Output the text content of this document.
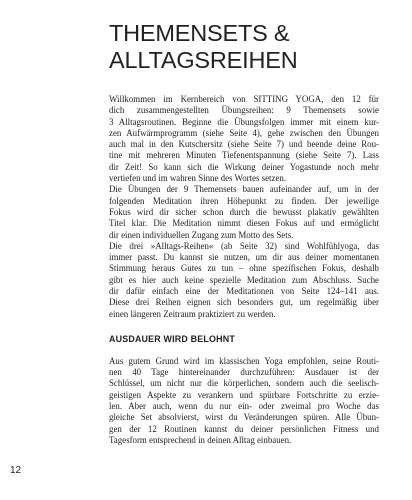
THEMENSETS &
ALLTAGSREIHEN

Willkommen im Kernbereich von SITTING YOGA, den 12 für
dich zusammengestellten Übungsreihen: 9 Themensets sowie
3 Alltagsroutinen. Beginne die Übungsfolgen immer mit einem kur-
zen Aufwärmprogramm (siehe Seite 4), gehe zwischen den Übungen
auch mal in den Kutschersitz (siehe Seite 7) und beende deine Rou-
tine mit mehreren Minuten Tiefenentspannung (siehe Seite 7). Lass
dir Zeit! So kann sich die Wirkung deiner Yogastunde noch mehr
vertiefen und im wahren Sinne des Wortes setzen.

Die Übungen der 9 Themensets bauen aufeinander auf, um in der
folgenden Meditation ihren Höhepunkt zu finden. Der jeweilige
Fokus wird dir sicher schon durch die bewusst plakativ gewählten
Titel klar. Die Meditation nimmt diesen Fokus auf und ermöglicht
dir einen individuellen Zugang zum Motto des Sets.

Die drei »Alltags-Reihen« (ab Seite 32) sind Wohlfühlyoga, das
immer passt. Du kannst sie nutzen, um dir aus deiner momentanen
Stimmung heraus Gutes zu tun – ohne spezifischen Fokus, deshalb
gibt es hier auch keine spezielle Meditation zum Abschluss. Suche
dir dafür einfach eine der Meditationen von Seite 124–141 aus.
Diese drei Reihen eignen sich besonders gut, um regelmäßig über
einen längeren Zeitraum praktiziert zu werden.

AUSDAUER WIRD BELOHNT

Aus gutem Grund wird im klassischen Yoga empfohlen, seine Routi-
nen 40 Tage hintereinander durchzuführen: Ausdauer ist der
Schlüssel, um nicht nur die körperlichen, sondern auch die seelisch-
geistigen Aspekte zu verankern und spürbare Fortschritte zu erzie-
len. Aber auch, wenn du nur ein- oder zweimal pro Woche das
gleiche Set absolvierst, wirst du Veränderungen spüren. Alle Übun-
gen der 12 Routinen kannst du deiner persönlichen Fitness und
Tagesform entsprechend in deinen Alltag einbauen.

12
